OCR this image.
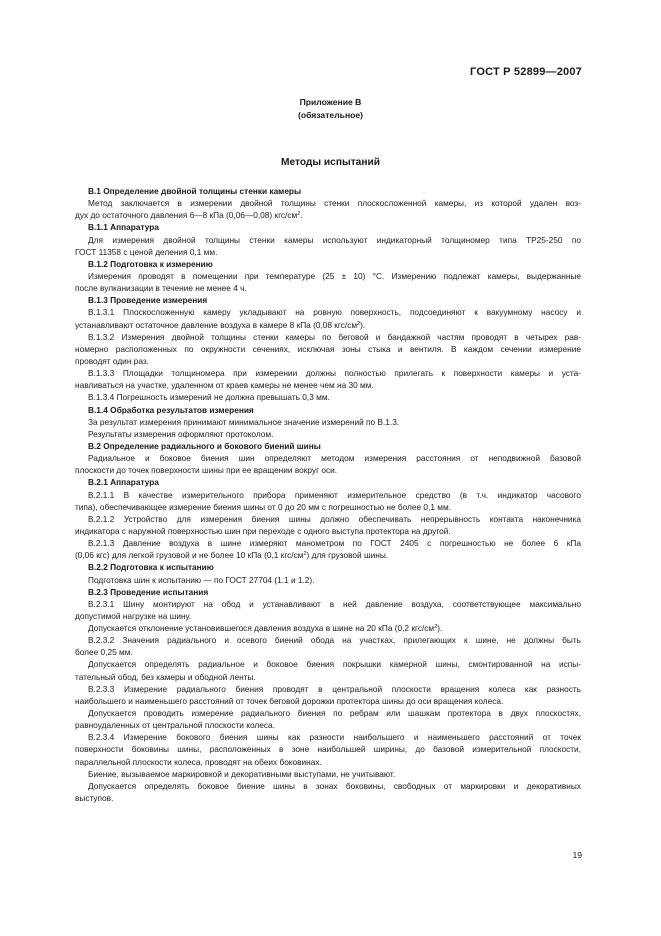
ГОСТ Р 52899—2007
Приложение В
(обязательное)
Методы испытаний
В.1 Определение двойной толщины стенки камеры
Метод заключается в измерении двойной толщины стенки плоскосложенной камеры, из которой удален воз-
дух до остаточного давления 6—8 кПа (0,06—0,08) кгс/$см^2$.
В.1.1 Аппаратура
Для измерения двойной толщины стенки камеры используют индикаторный толщиномер типа ТР25-250 по
ГОСТ 11358 с ценой деления 0,1 мм.
В.1.2 Подготовка к измерению
Измерения проводят в помещении при температуре (25 ± 10) °С. Измерению подлежат камеры, выдержанные
после вулканизации в течение не менее 4 ч.
В.1.3 Проведение измерения
В.1.3.1 Плоскосложенную камеру укладывают на ровную поверхность, подсоединяют к вакуумному насосу и
устанавливают остаточное давление воздуха в камере 8 кПа (0,08 кгс/$см^2$).
В.1.3.2 Измерения двойной толщины стенки камеры по беговой и бандажной частям проводят в четырех рав-
номерно расположенных по окружности сечениях, исключая зоны стыка и вентиля. В каждом сечении измерение
проводят один раз.
В.1.3.3 Площадки толщиномера при измерении должны полностью прилегать к поверхности камеры и уста-
навливаться на участке, удаленном от краев камеры не менее чем на 30 мм.
В.1.3.4 Погрешность измерений не должна превышать 0,3 мм.
В.1.4 Обработка результатов измерения
За результат измерения принимают минимальное значение измерений по В.1.3.
Результаты измерения оформляют протоколом.
В.2 Определение радиального и бокового биений шины
Радиальное и боковое биения шин определяют методом измерения расстояния от неподвижной базовой
плоскости до точек поверхности шины при ее вращении вокруг оси.
В.2.1 Аппаратура
В.2.1.1 В качестве измерительного прибора применяют измерительное средство (в т.ч. индикатор часового
типа), обеспечивающее измерение биения шины от 0 до 20 мм с погрешностью не более 0,1 мм.
В.2.1.2 Устройство для измерения биения шины должно обеспечивать непрерывность контакта наконечника
индикатора с наружной поверхностью шин при переходе с одного выступа протектора на другой.
В.2.1.3 Давление воздуха в шине измеряют манометром по ГОСТ 2405 с погрешностью не более 6 кПа
(0,06 кгс) для легкой грузовой и не более 10 кПа (0,1 кгс/$см^2$) для грузовой шины.
В.2.2 Подготовка к испытанию
Подготовка шин к испытанию — по ГОСТ 27704 (1.1 и 1.2).
В.2.3 Проведение испытания
В.2.3.1 Шину монтируют на обод и устанавливают в ней давление воздуха, соответствующее максимально
допустимой нагрузке на шину.
Допускается отклонение установившегося давления воздуха в шине на 20 кПа (0,2 кгс/$см^2$).
В.2.3.2 Значения радиального и осевого биений обода на участках, прилегающих к шине, не должны быть
более 0,25 мм.
Допускается определять радиальное и боковое биения покрышки камерной шины, смонтированной на испы-
тательный обод, без камеры и ободной ленты.
В.2.3.3 Измерение радиального биения проводят в центральной плоскости вращения колеса как разность
наибольшего и наименьшего расстояний от точек беговой дорожки протектора шины до оси вращения колеса.
Допускается проводить измерение радиального биения по ребрам или шашкам протектора в двух плоскостях,
равноудаленных от центральной плоскости колеса.
В.2.3.4 Измерение бокового биения шины как разности наибольшего и наименьшего расстояний от точек
поверхности боковины шины, расположенных в зоне наибольшей ширины, до базовой измерительной плоскости,
параллельной плоскости колеса, проводят на обеих боковинах.
Биение, вызываемое маркировкой и декоративными выступами, не учитывают.
Допускается определять боковое биение шины в зонах боковины, свободных от маркировки и декоративных
выступов.
19
